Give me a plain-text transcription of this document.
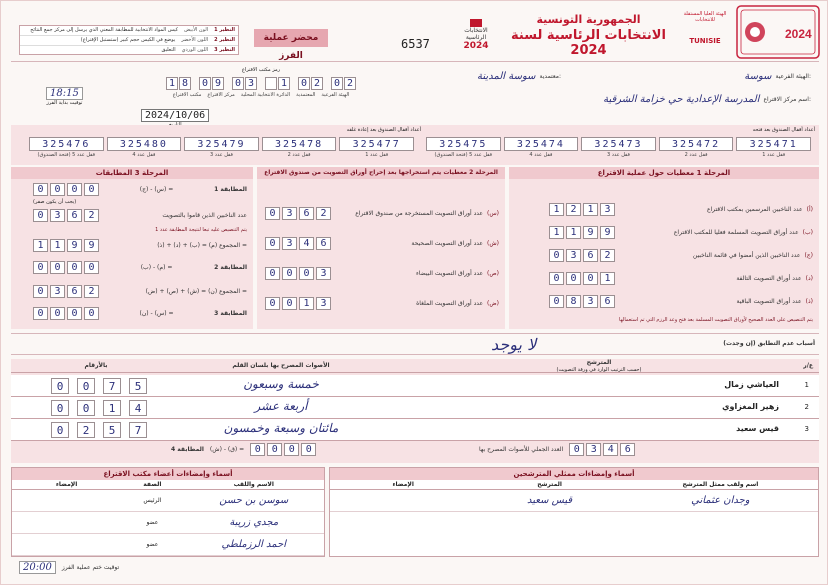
2024
الهيئة العليا المستقلة للانتخابات
TUNISIE
الانتخابات الرئاسية
2024
الجمهورية التونسية
الانتخابات الرئاسية لسنة 2024
6537
محضر عملية الفرز
كيس المواد الانتخابية للمطابقة المعني الذي يرسل إلى مركز جمع النتائج الون الأبيض النظير 1
يوضع في الكيس حجم كبير (ستستبل الإقتراع) اللون الأخضر النظير 2
التعليق اللون الوردي النظير 3
سوسة الهيئة الفرعية:
سوسة المدينة معتمدية:
المدرسة الإعدادية حي خزامة الشرقية اسم مركز الاقتراع:
رمز مكتب الاقتراع
1 8 0 9 0 3	1 0 2 0 2
مكتب الاقتراع مركز الاقتراع الدائرة الانتخابية المحلية المعتمدية الهيئة الفرعية
2024/10/06
18:15
توقيت بداية الفرز
أعداد أقفال الصندوق بعد إعادة غلقه	أعداد أقفال الصندوق بعد فتحه
325476
قفل عدد 5 (فتحة الصندوق)
325480
قفل عدد 4
325479
قفل عدد 3
325478
قفل عدد 2
325477
قفل عدد 1
325475
قفل عدد 5 (فتحة الصندوق)
325474
قفل عدد 4
325473
قفل عدد 3
325472
قفل عدد 2
325471
قفل عدد 1
المرحلة 3 المطابقات
0	0	0	0	(ج) - (س) =	المطابقة 1
(يجب أن يكون صفر)
0	3	6	2	عدد الناخبين الذين قاموا بالتصويت
يتم التنصيص عليه تبعا لنتيجة المطابقة عدد 1
1	1	9	9	المجموع (م) = (ب) + (د) + (ذ) =
0	0	0	0	(ب) - (م) =	المطابقة 2
0	3	6	2	المجموع (ن) = (ش) + (ص) + (ض) =
0	0	0	0	(ن) - (س) =	المطابقة 3
المرحلة 2 معطيات يتم استخراجها بعد إخراج أوراق التصويت من صندوق الاقتراع
0	3	6	2	عدد أوراق التصويت المستخرجة من صندوق الاقتراع (س)
0	3	4	6	عدد أوراق التصويت الصحيحة (ش)
0	0	0	3	عدد أوراق التصويت البيضاء (ص)
0	0	1	3	عدد أوراق التصويت الملغاة (ض)
المرحلة 1 معطيات حول عملية الاقتراع
1	2	1	3	عدد الناخبين المرسمين بمكتب الاقتراع (أ)
1	1	9	9	عدد أوراق التصويت المسلمة فعليا للمكتب الاقتراع (ب)
0	3	6	2	عدد الناخبين الذين أمضوا في قائمة الناخبين (ج)
0	0	0	1	عدد أوراق التصويت التالفة (د)
0	8	3	6	عدد أوراق التصويت الباقية (ذ)
يتم التنصيص على العدد الصحيح لأوراق التصويت المسلمة بعد فتح وعد الرزم التي تم استعمالها
أسباب عدم التطابق (إن وجدت)
لا يوجد
ع/ر
المترشح
(حسب الترتيب الوارد في ورقة التصويت)
الأصوات المصرح بها بلسان القلم
بالأرقام
1
العياشي زمال
خمسة وسبعون
0	0	7	5
2
زهير المغزاوي
أربعة عشر
0	0	1	4
3
قيس سعيد
مائتان وسبعة وخمسون
0	2	5	7
المطابقة 4 (ش) - (ق) =	0	0	0	0	العدد الجملي للأصوات المصرح بها	0	3	4	6
أسماء وإمضاءات أعضاء مكتب الاقتراع
الإمضاء	الصفة	الاسم واللقب
الرئيس	سوسن بن حسن
عضو	مجدي زريبة
عضو	احمد الرزملطي
أسماء وإمضاءات ممثلي المترشحين
الإمضاء	المترشح	اسم ولقب ممثل المترشح
قيس سعيد	وجدان عثماني
20:00	توقيت ختم عملية الفرز
